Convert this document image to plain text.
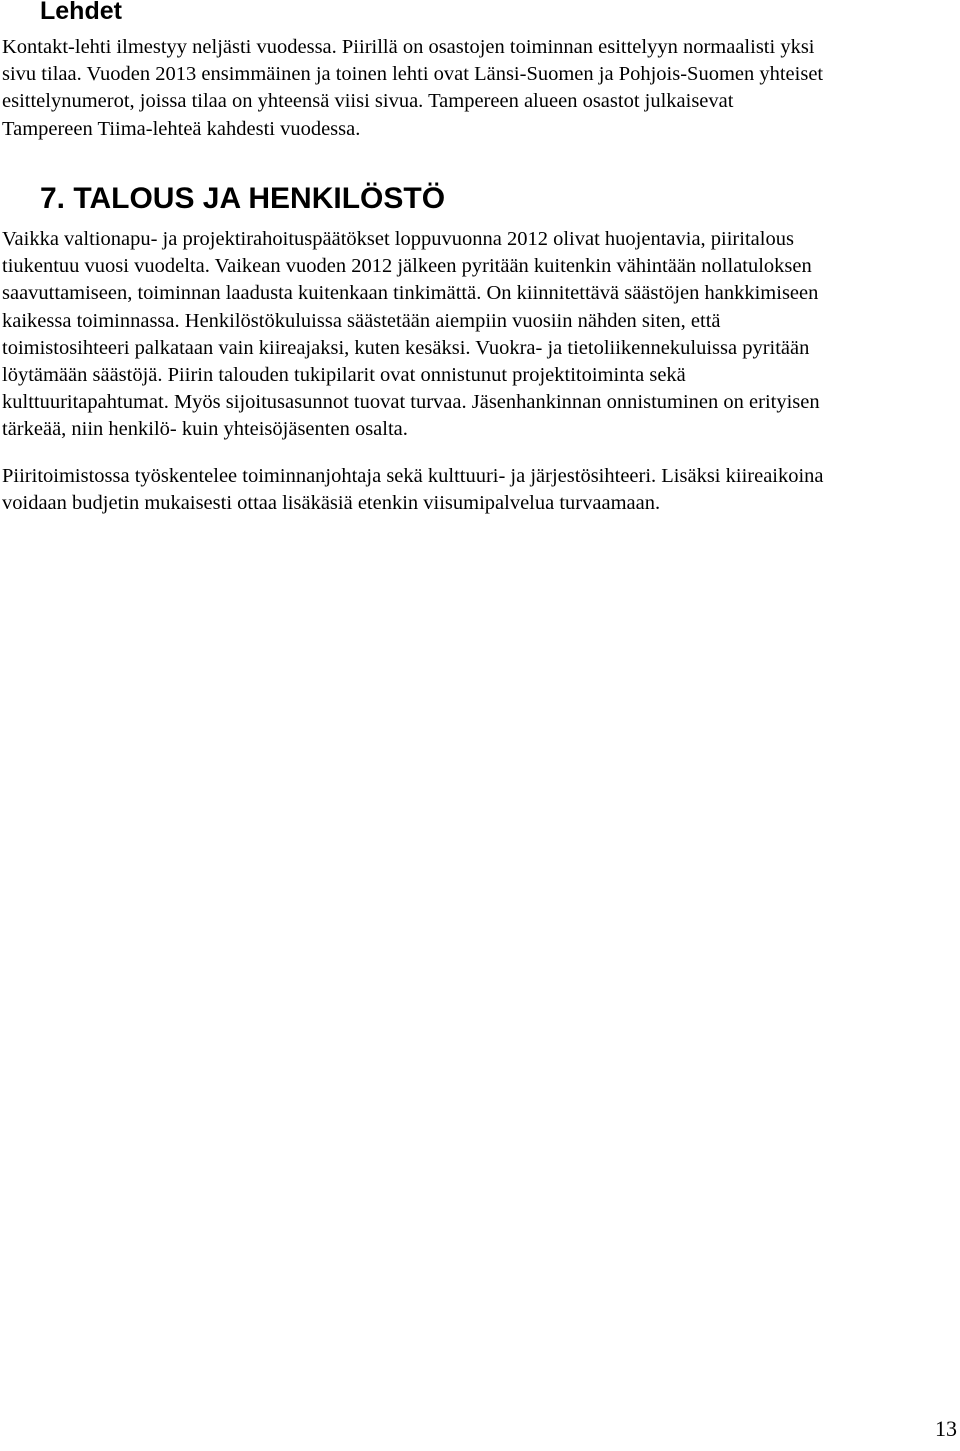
Lehdet

Kontakt-lehti ilmestyy neljästi vuodessa. Piirillä on osastojen toiminnan esittelyyn normaalisti yksi
sivu tilaa. Vuoden 2013 ensimmäinen ja toinen lehti ovat Länsi-Suomen ja Pohjois-Suomen yhteiset
esittelynumerot, joissa tilaa on yhteensä viisi sivua. Tampereen alueen osastot julkaisevat
Tampereen Tiima-lehteä kahdesti vuodessa.

7. TALOUS JA HENKILÖSTÖ

Vaikka valtionapu- ja projektirahoituspäätökset loppuvuonna 2012 olivat huojentavia, piiritalous
tiukentuu vuosi vuodelta. Vaikean vuoden 2012 jälkeen pyritään kuitenkin vähintään nollatuloksen
saavuttamiseen, toiminnan laadusta kuitenkaan tinkimättä. On kiinnitettävä säästöjen hankkimiseen
kaikessa toiminnassa. Henkilöstökuluissa säästetään aiempiin vuosiin nähden siten, että
toimistosihteeri palkataan vain kiireajaksi, kuten kesäksi. Vuokra- ja tietoliikennekuluissa pyritään
löytämään säästöjä. Piirin talouden tukipilarit ovat onnistunut projektitoiminta sekä
kulttuuritapahtumat. Myös sijoitusasunnot tuovat turvaa. Jäsenhankinnan onnistuminen on erityisen
tärkeää, niin henkilö- kuin yhteisöjäsenten osalta.

Piiritoimistossa työskentelee toiminnanjohtaja sekä kulttuuri- ja järjestösihteeri. Lisäksi kiireaikoina
voidaan budjetin mukaisesti ottaa lisäkäsiä etenkin viisumipalvelua turvaamaan.

13
